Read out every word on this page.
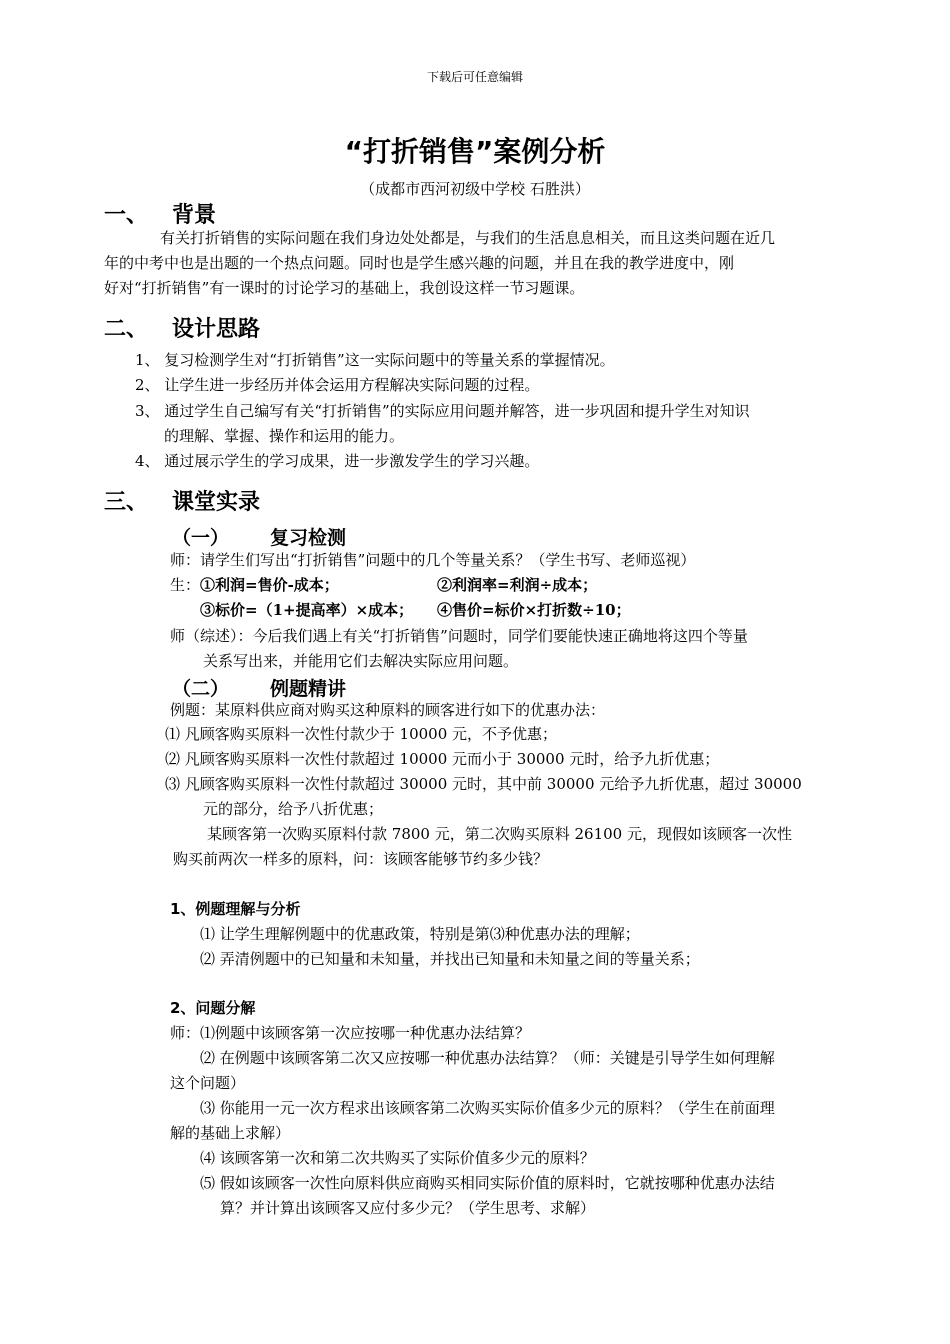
下载后可任意编辑
“打折销售”案例分析
（成都市西河初级中学校 石胜洪）
一、 背景
有关打折销售的实际问题在我们身边处处都是，与我们的生活息息相关，而且这类问题在近几
年的中考中也是出题的一个热点问题。同时也是学生感兴趣的问题，并且在我的教学进度中，刚
好对“打折销售”有一课时的讨论学习的基础上，我创设这样一节习题课。
二、 设计思路
1、 复习检测学生对“打折销售”这一实际问题中的等量关系的掌握情况。
2、 让学生进一步经历并体会运用方程解决实际问题的过程。
3、 通过学生自己编写有关“打折销售”的实际应用问题并解答，进一步巩固和提升学生对知识
的理解、掌握、操作和运用的能力。
4、 通过展示学生的学习成果，进一步激发学生的学习兴趣。
三、 课堂实录
（一） 复习检测
师：请学生们写出“打折销售”问题中的几个等量关系？（学生书写、老师巡视）
生： ①利润=售价-成本；	②利润率=利润÷成本；
③标价=（1+提高率）×成本； ④售价=标价×打折数÷10；
师（综述）：今后我们遇上有关“打折销售”问题时，同学们要能快速正确地将这四个等量
关系写出来，并能用它们去解决实际应用问题。
（二） 例题精讲
例题：某原料供应商对购买这种原料的顾客进行如下的优惠办法：
⑴ 凡顾客购买原料一次性付款少于 10000 元，不予优惠；
⑵ 凡顾客购买原料一次性付款超过 10000 元而小于 30000 元时，给予九折优惠；
⑶ 凡顾客购买原料一次性付款超过 30000 元时，其中前 30000 元给予九折优惠，超过 30000
元的部分，给予八折优惠；
某顾客第一次购买原料付款 7800 元，第二次购买原料 26100 元，现假如该顾客一次性
购买前两次一样多的原料，问：该顾客能够节约多少钱？
1、例题理解与分析
⑴ 让学生理解例题中的优惠政策，特别是第⑶种优惠办法的理解；
⑵ 弄清例题中的已知量和未知量，并找出已知量和未知量之间的等量关系；
2、问题分解
师：⑴例题中该顾客第一次应按哪一种优惠办法结算？
⑵ 在例题中该顾客第二次又应按哪一种优惠办法结算？（师：关键是引导学生如何理解
这个问题）
⑶ 你能用一元一次方程求出该顾客第二次购买实际价值多少元的原料？（学生在前面理
解的基础上求解）
⑷ 该顾客第一次和第二次共购买了实际价值多少元的原料？
⑸ 假如该顾客一次性向原料供应商购买相同实际价值的原料时，它就按哪种优惠办法结
算？并计算出该顾客又应付多少元？（学生思考、求解）
